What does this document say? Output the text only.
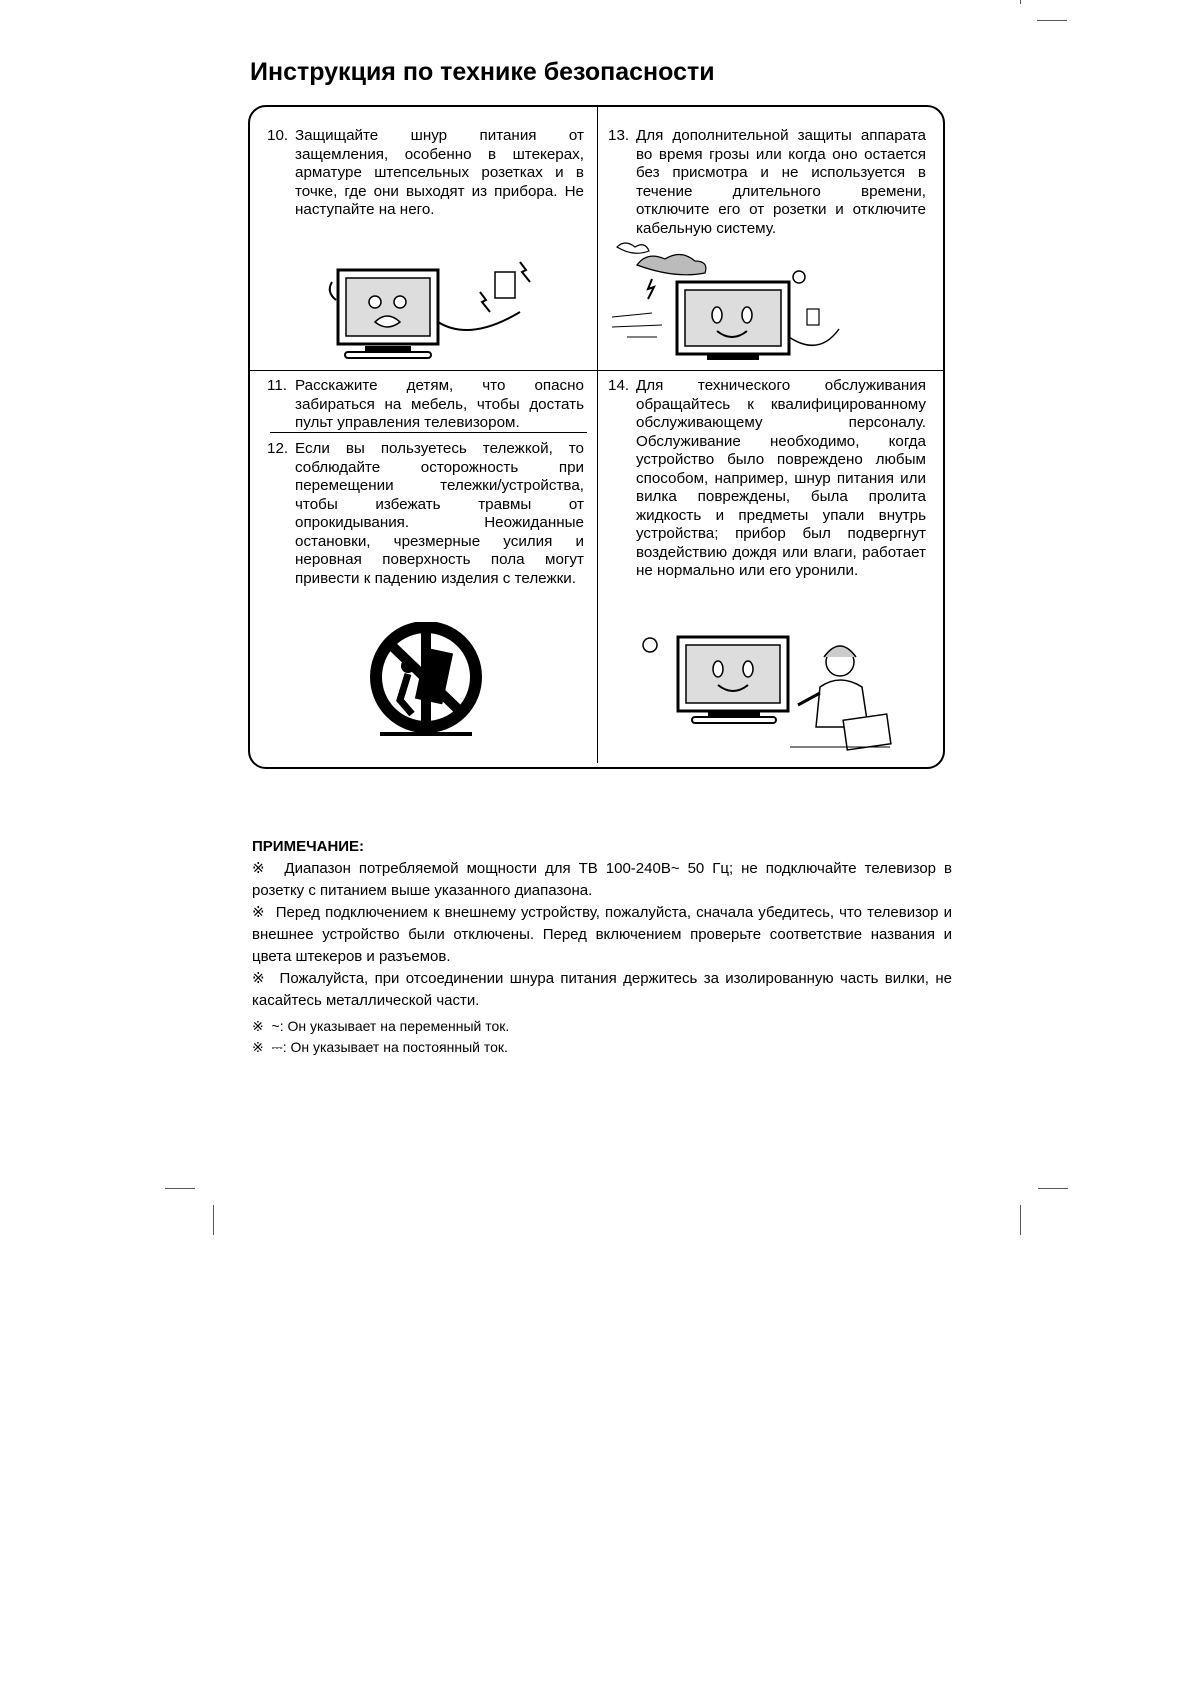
Инструкция по технике безопасности
10. Защищайте шнур питания от защемления, особенно в штекерах, арматуре штепсельных розетках и в точке, где они выходят из прибора. Не наступайте на него.
13. Для дополнительной защиты аппарата во время грозы или когда оно остается без присмотра и не используется в течение длительного времени, отключите его от розетки и отключите кабельную систему.
11. Расскажите детям, что опасно забираться на мебель, чтобы достать пульт управления телевизором.
14. Для технического обслуживания обращайтесь к квалифицированному обслуживающему персоналу. Обслуживание необходимо, когда устройство было повреждено любым способом, например, шнур питания или вилка повреждены, была пролита жидкость и предметы упали внутрь устройства; прибор был подвергнут воздействию дождя или влаги, работает не нормально или его уронили.
12. Если вы пользуетесь тележкой, то соблюдайте осторожность при перемещении тележки/устройства, чтобы избежать травмы от опрокидывания. Неожиданные остановки, чрезмерные усилия и неровная поверхность пола могут привести к падению изделия с тележки.

ПРИМЕЧАНИЕ:

※ Диапазон потребляемой мощности для ТВ 100-240В~ 50 Гц; не подключайте телевизор в розетку с питанием выше указанного диапазона.

※ Перед подключением к внешнему устройству, пожалуйста, сначала убедитесь, что телевизор и внешнее устройство были отключены. Перед включением проверьте соответствие названия и цвета штекеров и разъемов.

※ Пожалуйста, при отсоединении шнура питания держитесь за изолированную часть вилки, не касайтесь металлической части.

※ ~: Он указывает на переменный ток.

※ ⎓: Он указывает на постоянный ток.
